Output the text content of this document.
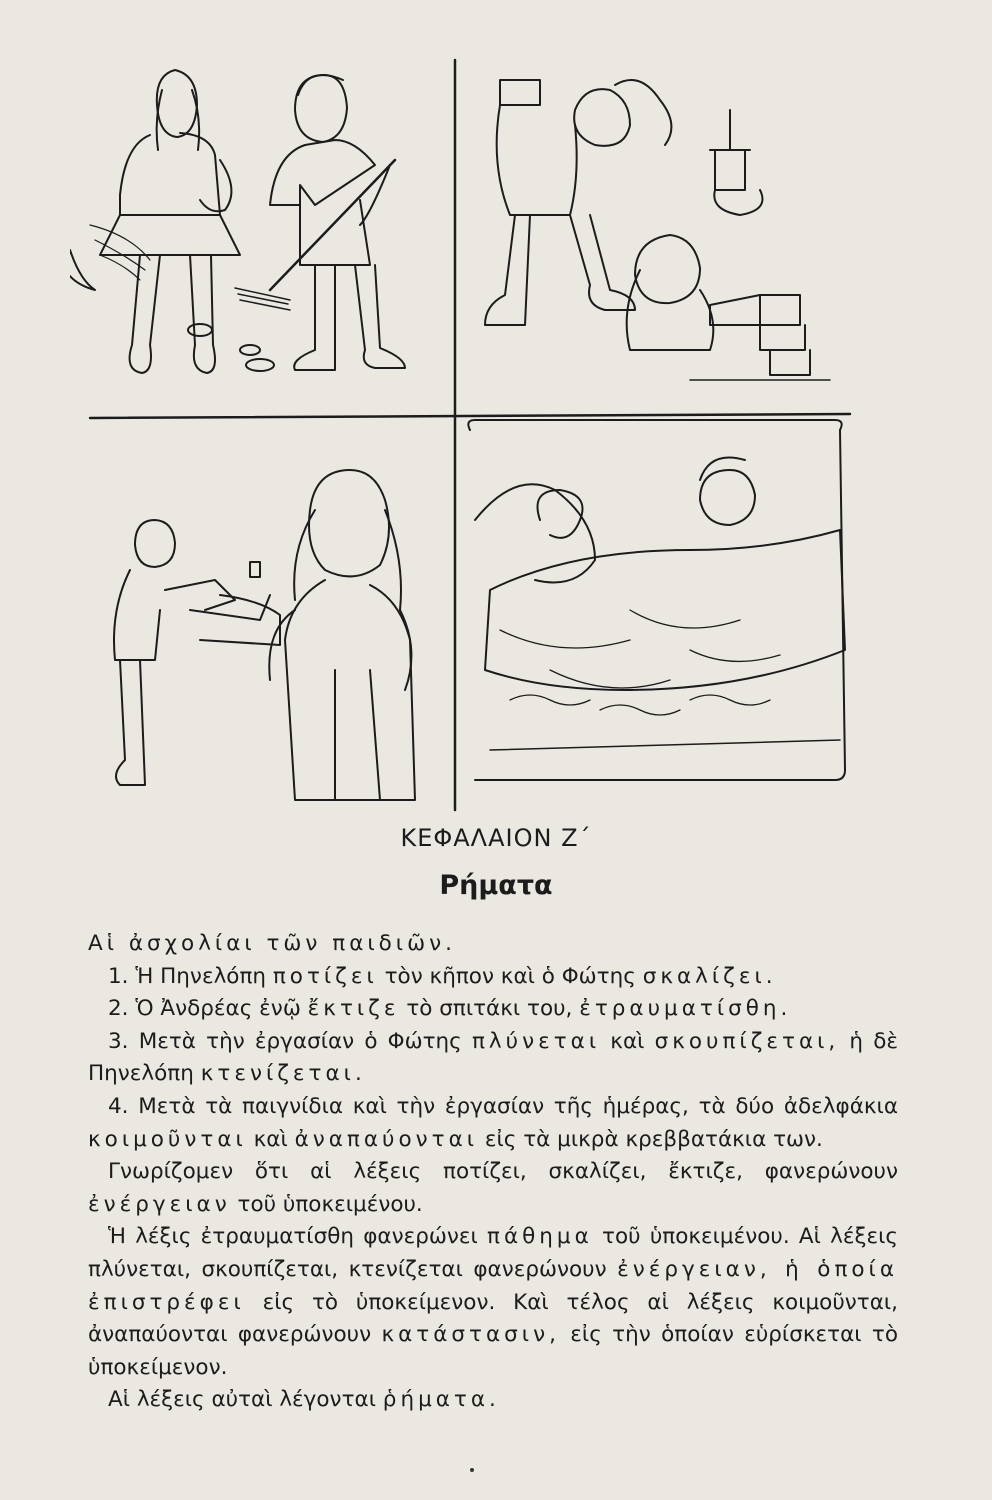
ΚΕΦΑΛΑΙΟΝ Ζ΄
Ρήματα

Αἱ ἀσχολίαι τῶν παιδιῶν.

1. Ἡ Πηνελόπη ποτίζει τὸν κῆπον καὶ ὁ Φώτης σκαλίζει.

2. Ὁ Ἀνδρέας ἐνῷ ἔκτιζε τὸ σπιτάκι του, ἐτραυματίσθη.

3. Μετὰ τὴν ἐργασίαν ὁ Φώτης πλύνεται καὶ σκουπίζεται, ἡ δὲ Πηνελόπη κτενίζεται.

4. Μετὰ τὰ παιγνίδια καὶ τὴν ἐργασίαν τῆς ἡμέρας, τὰ δύο ἀδελφάκια κοιμοῦνται καὶ ἀναπαύονται εἰς τὰ μικρὰ κρεββατάκια των.

Γνωρίζομεν ὅτι αἱ λέξεις ποτίζει, σκαλίζει, ἔκτιζε, φανερώνουν ἐνέργειαν τοῦ ὑποκειμένου.

Ἡ λέξις ἐτραυματίσθη φανερώνει πάθημα τοῦ ὑποκειμένου. Αἱ λέξεις πλύνεται, σκουπίζεται, κτενίζεται φανερώνουν ἐνέργειαν, ἡ ὁποία ἐπιστρέφει εἰς τὸ ὑποκείμενον. Καὶ τέλος αἱ λέξεις κοιμοῦνται, ἀναπαύονται φανερώνουν κατάστασιν, εἰς τὴν ὁποίαν εὑρίσκεται τὸ ὑποκείμενον.

Αἱ λέξεις αὐταὶ λέγονται ῥήματα.
